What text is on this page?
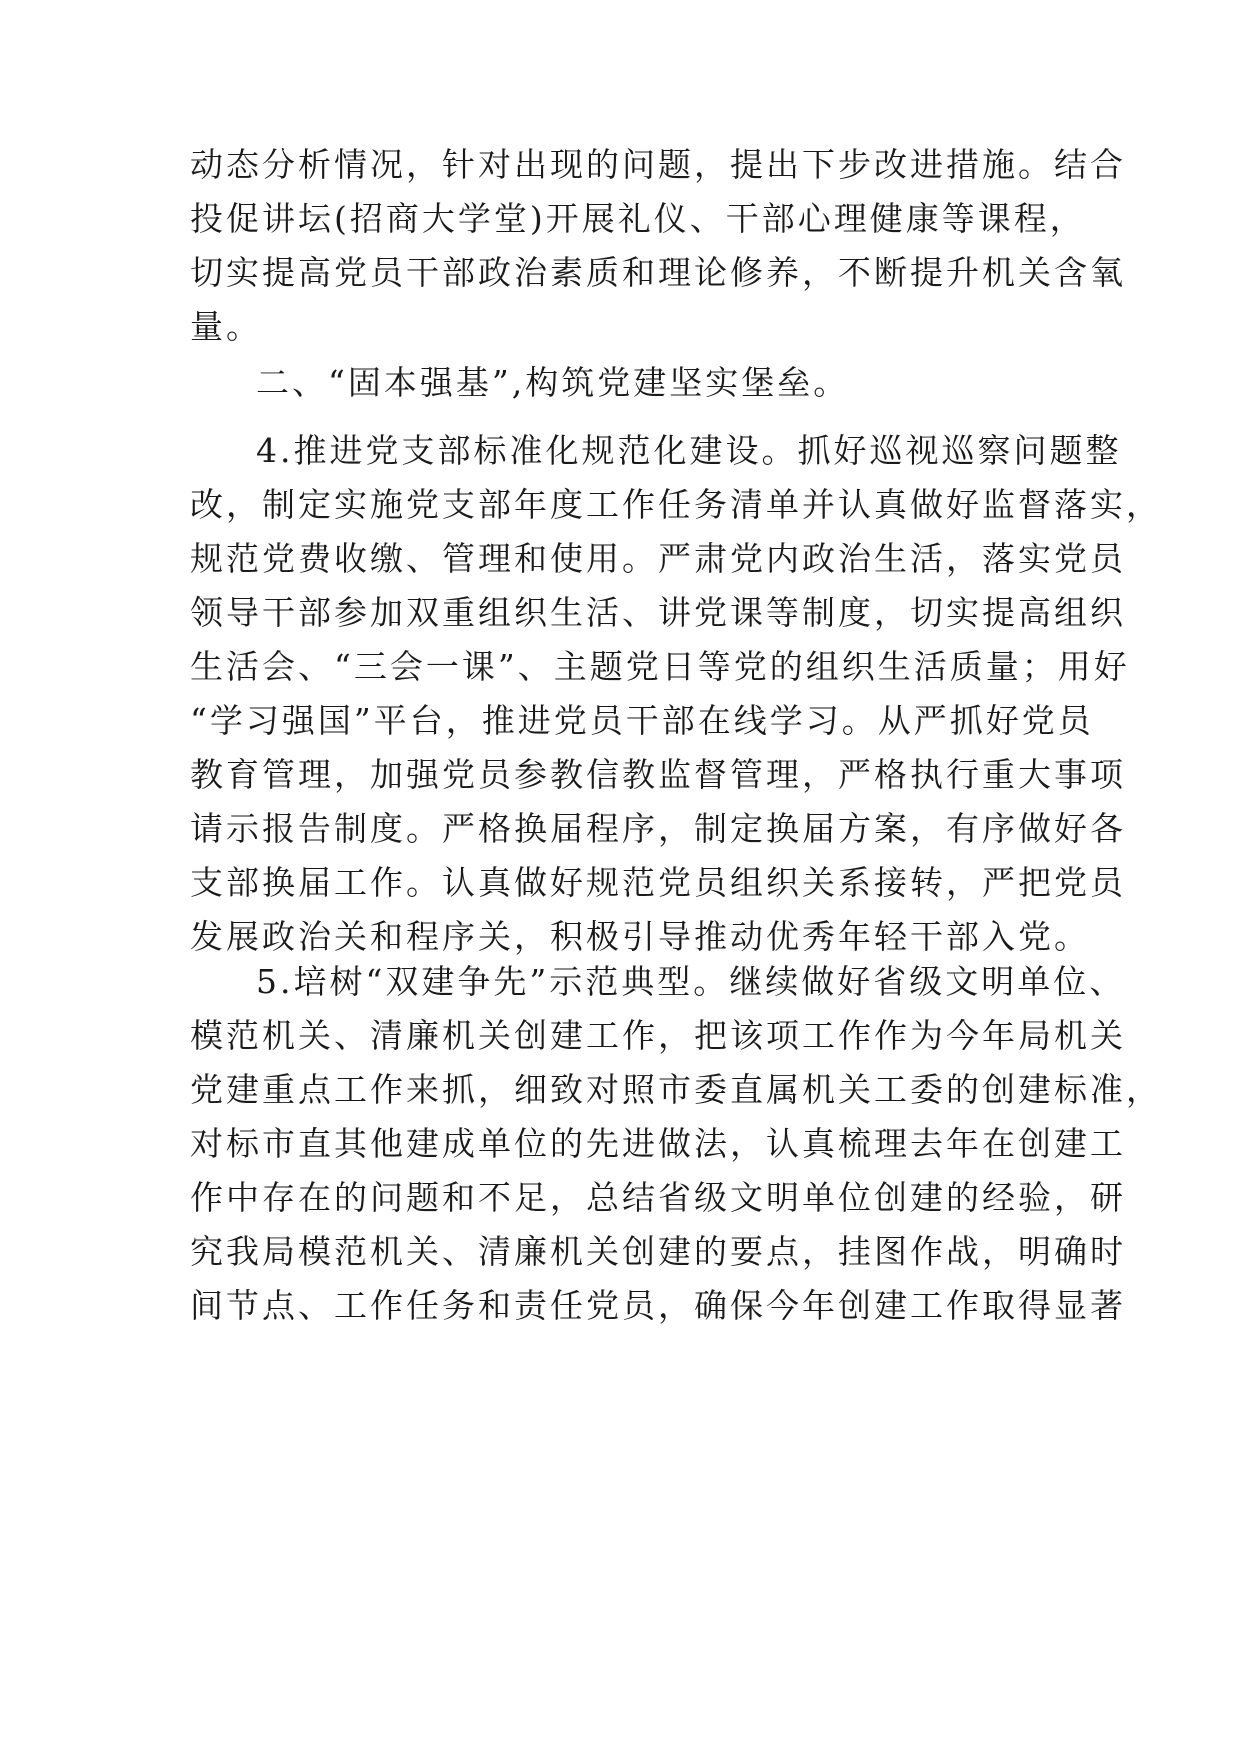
动态分析情况，针对出现的问题，提出下步改进措施。结合
投促讲坛(招商大学堂)开展礼仪、干部心理健康等课程，
切实提高党员干部政治素质和理论修养，不断提升机关含氧
量。
二、“固本强基”,构筑党建坚实堡垒。
4.推进党支部标准化规范化建设。抓好巡视巡察问题整
改，制定实施党支部年度工作任务清单并认真做好监督落实，
规范党费收缴、管理和使用。严肃党内政治生活，落实党员
领导干部参加双重组织生活、讲党课等制度，切实提高组织
生活会、“三会一课”、主题党日等党的组织生活质量；用好
“学习强国”平台，推进党员干部在线学习。从严抓好党员
教育管理，加强党员参教信教监督管理，严格执行重大事项
请示报告制度。严格换届程序，制定换届方案，有序做好各
支部换届工作。认真做好规范党员组织关系接转，严把党员
发展政治关和程序关，积极引导推动优秀年轻干部入党。
5.培树“双建争先”示范典型。继续做好省级文明单位、
模范机关、清廉机关创建工作，把该项工作作为今年局机关
党建重点工作来抓，细致对照市委直属机关工委的创建标准，
对标市直其他建成单位的先进做法，认真梳理去年在创建工
作中存在的问题和不足，总结省级文明单位创建的经验，研
究我局模范机关、清廉机关创建的要点，挂图作战，明确时
间节点、工作任务和责任党员，确保今年创建工作取得显著
